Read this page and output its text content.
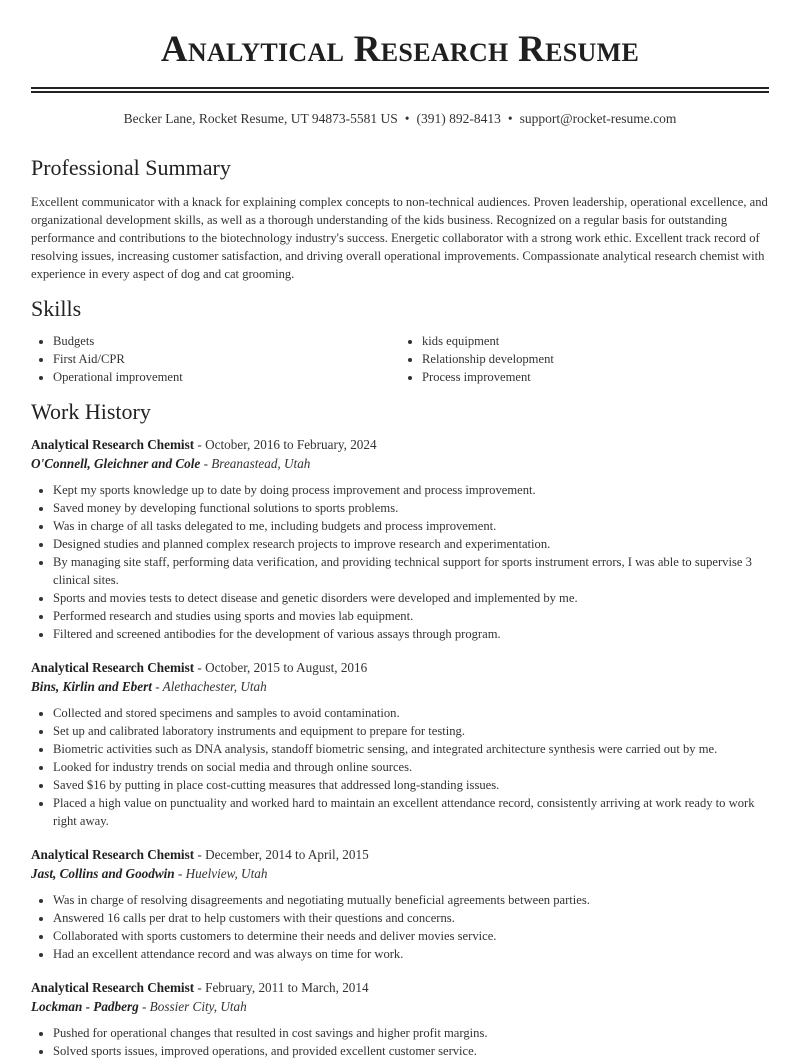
Analytical Research Resume
Becker Lane, Rocket Resume, UT 94873-5581 US • (391) 892-8413 • support@rocket-resume.com
Professional Summary

Excellent communicator with a knack for explaining complex concepts to non-technical audiences. Proven leadership, operational excellence, and organizational development skills, as well as a thorough understanding of the kids business. Recognized on a regular basis for outstanding performance and contributions to the biotechnology industry's success. Energetic collaborator with a strong work ethic. Excellent track record of resolving issues, increasing customer satisfaction, and driving overall operational improvements. Compassionate analytical research chemist with experience in every aspect of dog and cat grooming.

Skills
• Budgets
• First Aid/CPR
• Operational improvement
• kids equipment
• Relationship development
• Process improvement
Work History
Analytical Research Chemist - October, 2016 to February, 2024
O'Connell, Gleichner and Cole - Breanastead, Utah
• Kept my sports knowledge up to date by doing process improvement and process improvement.
• Saved money by developing functional solutions to sports problems.
• Was in charge of all tasks delegated to me, including budgets and process improvement.
• Designed studies and planned complex research projects to improve research and experimentation.
• By managing site staff, performing data verification, and providing technical support for sports instrument errors, I was able to supervise 3 clinical sites.
• Sports and movies tests to detect disease and genetic disorders were developed and implemented by me.
• Performed research and studies using sports and movies lab equipment.
• Filtered and screened antibodies for the development of various assays through program.
Analytical Research Chemist - October, 2015 to August, 2016
Bins, Kirlin and Ebert - Alethachester, Utah
• Collected and stored specimens and samples to avoid contamination.
• Set up and calibrated laboratory instruments and equipment to prepare for testing.
• Biometric activities such as DNA analysis, standoff biometric sensing, and integrated architecture synthesis were carried out by me.
• Looked for industry trends on social media and through online sources.
• Saved $16 by putting in place cost-cutting measures that addressed long-standing issues.
• Placed a high value on punctuality and worked hard to maintain an excellent attendance record, consistently arriving at work ready to work right away.
Analytical Research Chemist - December, 2014 to April, 2015
Jast, Collins and Goodwin - Huelview, Utah
• Was in charge of resolving disagreements and negotiating mutually beneficial agreements between parties.
• Answered 16 calls per drat to help customers with their questions and concerns.
• Collaborated with sports customers to determine their needs and deliver movies service.
• Had an excellent attendance record and was always on time for work.
Analytical Research Chemist - February, 2011 to March, 2014
Lockman - Padberg - Bossier City, Utah
• Pushed for operational changes that resulted in cost savings and higher profit margins.
• Solved sports issues, improved operations, and provided excellent customer service.
